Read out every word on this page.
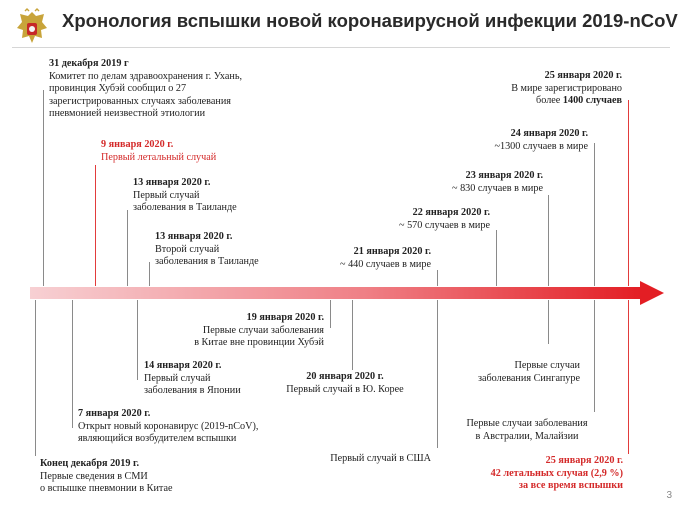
Хронология вспышки новой коронавирусной инфекции 2019-nCoV
31 декабря 2019 г
Комитет по делам здравоохранения г. Ухань,
провинция Хубэй сообщил о 27
зарегистрированных случаях заболевания
пневмонией неизвестной этиологии
9 января 2020 г.
Первый летальный случай
13 января 2020 г.
Первый случай
заболевания в Таиланде
13 января 2020 г.
Второй случай
заболевания в Таиланде
21 января 2020 г.
~ 440 случаев в мире
22 января 2020 г.
~ 570 случаев в мире
23 января 2020 г.
~ 830 случаев в мире
24 января 2020 г.
~1300 случаев в мире
25 января 2020 г.
В мире зарегистрировано
более 1400 случаев
19 января 2020 г.
Первые случаи заболевания
в Китае вне провинции Хубэй
14 января 2020 г.
Первый случай
заболевания в Японии
20 января 2020 г.
Первый случай в Ю. Корее
7 января 2020 г.
Открыт новый коронавирус (2019-nCoV),
являющийся возбудителем вспышки
Первые случаи
заболевания Сингапуре
Первые случаи заболевания
в Австралии, Малайзии
Первый случай в США
Конец декабря 2019 г.
Первые сведения в СМИ
о вспышке пневмонии в Китае
25 января 2020 г.
42 летальных случая (2,9 %)
за все время вспышки
3
